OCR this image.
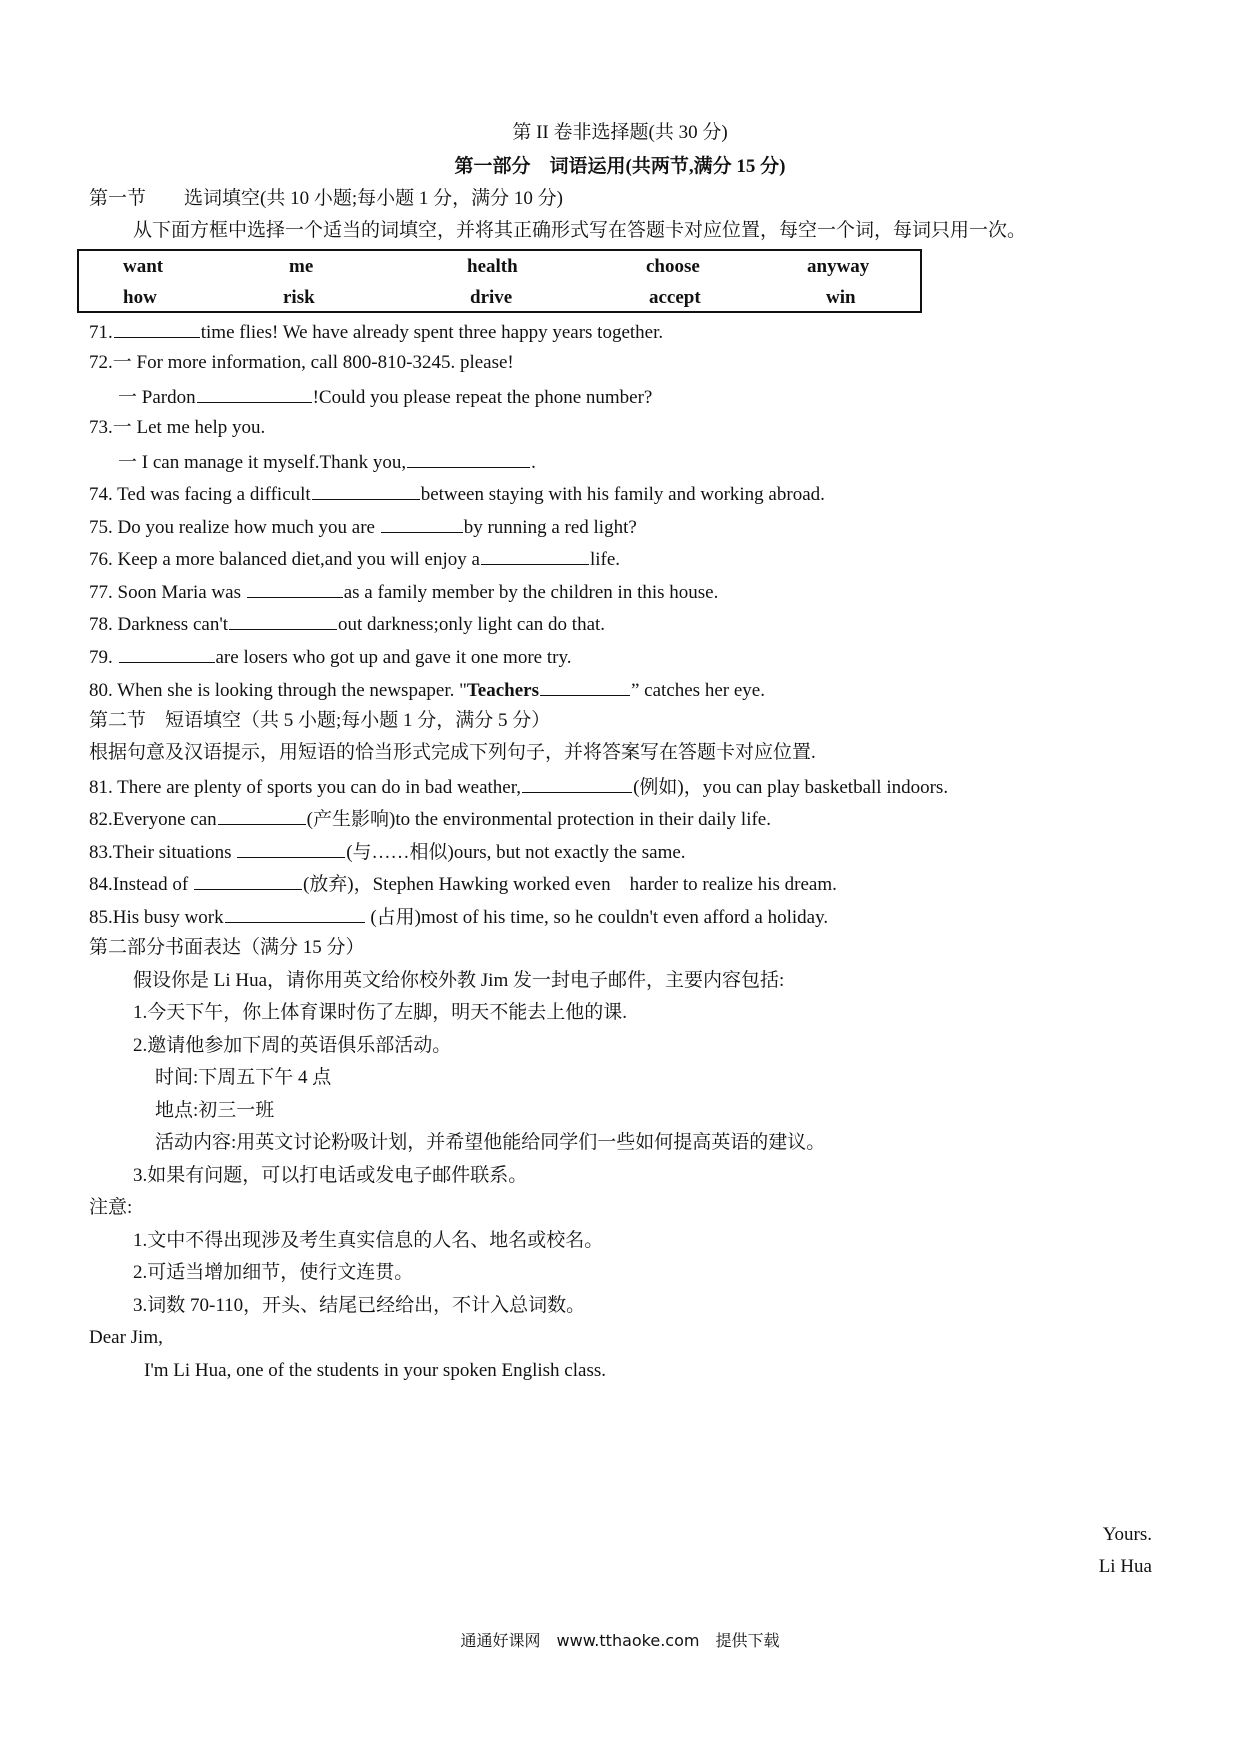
第 II 卷非选择题(共 30 分)
第一部分　词语运用(共两节,满分 15 分)
第一节　　选词填空(共 10 小题;每小题 1 分，满分 10 分)
从下面方框中选择一个适当的词填空，并将其正确形式写在答题卡对应位置，每空一个词，每词只用一次。
want	me	health	choose	anyway
how	risk	drive	accept	win
71.	time flies! We have already spent three happy years together.
72.一 For more information, call 800-810-3245. please!
一 Pardon	!Could you please repeat the phone number?
73.一 Let me help you.
一 I can manage it myself.Thank you,	.
74. Ted was facing a difficult	between staying with his family and working abroad.
75. Do you realize how much you are	by running a red light?
76. Keep a more balanced diet,and you will enjoy a	life.
77. Soon Maria was	as a family member by the children in this house.
78. Darkness can't	out darkness;only light can do that.
79.	are losers who got up and gave it one more try.
80. When she is looking through the newspaper. "Teachers	” catches her eye.
第二节　短语填空（共 5 小题;每小题 1 分，满分 5 分）
根据句意及汉语提示，用短语的恰当形式完成下列句子，并将答案写在答题卡对应位置.
81. There are plenty of sports you can do in bad weather,	(例如)，you can play basketball indoors.
82.Everyone can	(产生影响)to the environmental protection in their daily life.
83.Their situations	(与……相似)ours, but not exactly the same.
84.Instead of	(放弃)，Stephen Hawking worked even　harder to realize his dream.
85.His busy work	(占用)most of his time, so he couldn't even afford a holiday.
第二部分书面表达（满分 15 分）
假设你是 Li Hua，请你用英文给你校外教 Jim 发一封电子邮件，主要内容包括:
1.今天下午，你上体育课时伤了左脚，明天不能去上他的课.
2.邀请他参加下周的英语俱乐部活动。
时间:下周五下午 4 点
地点:初三一班
活动内容:用英文讨论粉吸计划，并希望他能给同学们一些如何提高英语的建议。
3.如果有问题，可以打电话或发电子邮件联系。
注意:
1.文中不得出现涉及考生真实信息的人名、地名或校名。
2.可适当增加细节，使行文连贯。
3.词数 70-110，开头、结尾已经给出，不计入总词数。
Dear Jim,
I'm Li Hua, one of the students in your spoken English class.
Yours.
Li Hua
通通好课网　www.tthaoke.com　提供下载
